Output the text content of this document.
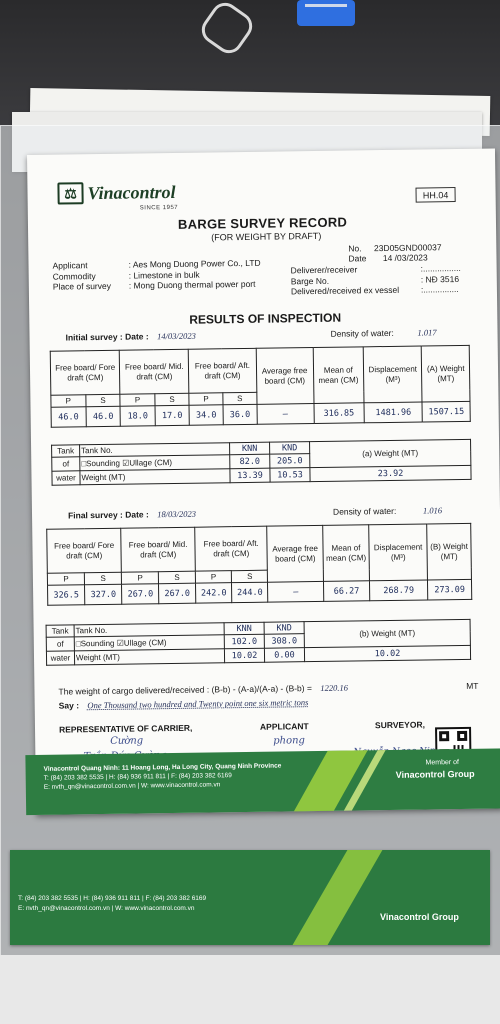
T: (84) 203 382 5535 | H: (84) 936 911 811 | F: (84) 203 382 6169
E: nvth_qn@vinacontrol.com.vn | W: www.vinacontrol.com.vn
Vinacontrol Group
⚖ Vinacontrol
SINCE 1957
HH.04
BARGE SURVEY RECORD
(FOR WEIGHT BY DRAFT)
No. 23D05GND00037
Date 14 /03/2023
Applicant
Commodity
Place of survey
: Aes Mong Duong Power Co., LTD
: Limestone in bulk
: Mong Duong thermal power port
Deliverer/receiver
Barge No.
Delivered/received ex vessel
:................
: NĐ 3516
:...............
RESULTS OF INSPECTION
Initial survey : Date : 14/03/2023	Density of water:	1.017
Free board/ Fore draft (CM)		Free board/ Mid. draft (CM)		Free board/ Aft. draft (CM)		Average free board (CM)	Mean of mean (CM)	Displacement (M³)	(A) Weight (MT)
P	S	P	S	P	S				
46.0	46.0	18.0	17.0	34.0	36.0	–	316.85	1481.96	1507.15
Tank	Tank No.	KNN	KND	(a) Weight (MT)
of	□Sounding ☑Ullage (CM)	82.0	205.0	
water	Weight (MT)	13.39	10.53	23.92
Final survey : Date : 18/03/2023	Density of water:	1.016
Free board/ Fore draft (CM)		Free board/ Mid. draft (CM)		Free board/ Aft. draft (CM)		Average free board (CM)	Mean of mean (CM)	Displacement (M³)	(B) Weight (MT)
P	S	P	S	P	S				
326.5	327.0	267.0	267.0	242.0	244.0	–	66.27	268.79	273.09
Tank	Tank No.	KNN	KND	(b) Weight (MT)
of	□Sounding ☑Ullage (CM)	102.0	308.0	
water	Weight (MT)	10.02	0.00	10.02
The weight of cargo delivered/received : (B-b) - (A-a)/(A-a) - (B-b) = 1220.16	MT
Say : One Thousand two hundred and Twenty point one six metric tons
REPRESENTATIVE OF CARRIER,	APPLICANT	SURVEYOR,
Cường	phong
Vinacontrol Quang Ninh: 11 Hoang Long, Ha Long City, Quang Ninh Province
T: (84) 203 382 5535 | H: (84) 936 911 811 | F: (84) 203 382 6169
E: nvth_qn@vinacontrol.com.vn | W: www.vinacontrol.com.vn
Member of
Vinacontrol Group
